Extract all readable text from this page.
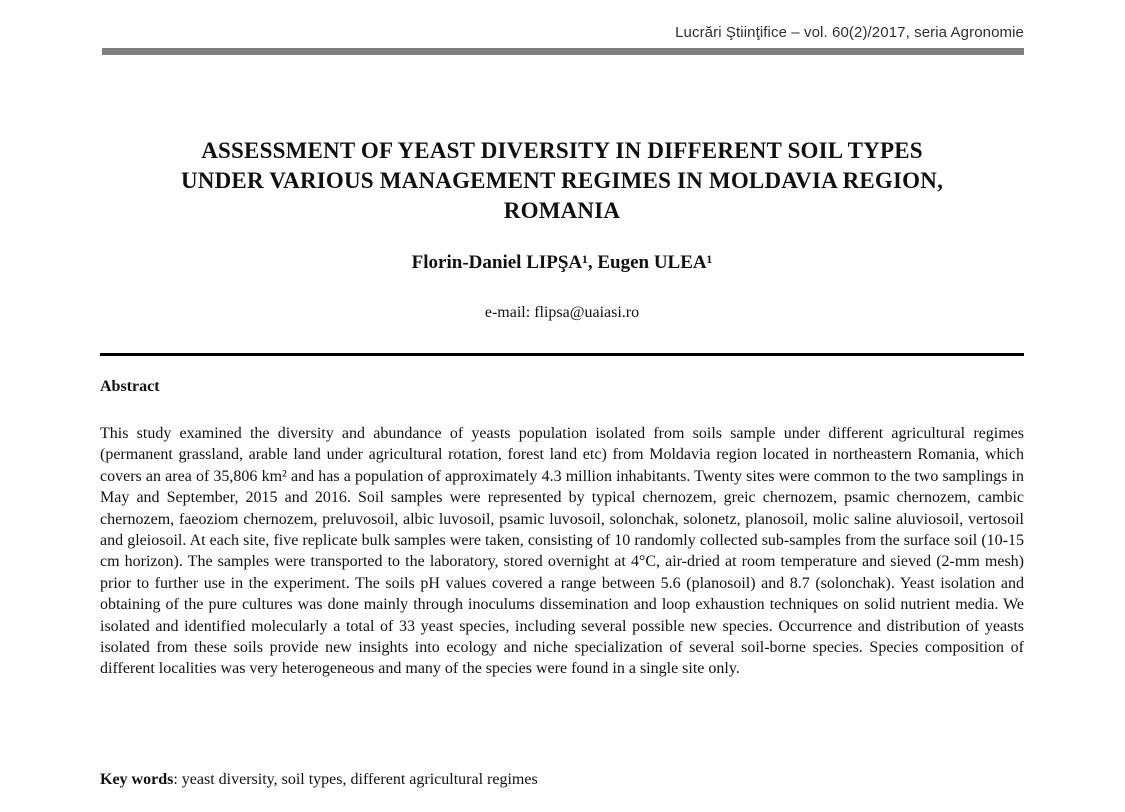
Lucrări Ştiinţifice – vol. 60(2)/2017, seria Agronomie
ASSESSMENT OF YEAST DIVERSITY IN DIFFERENT SOIL TYPES
UNDER VARIOUS MANAGEMENT REGIMES IN MOLDAVIA REGION,
ROMANIA
Florin-Daniel LIPŞA¹, Eugen ULEA¹
e-mail: flipsa@uaiasi.ro
Abstract
This study examined the diversity and abundance of yeasts population isolated from soils sample under different agricultural regimes (permanent grassland, arable land under agricultural rotation, forest land etc) from Moldavia region located in northeastern Romania, which covers an area of 35,806 km² and has a population of approximately 4.3 million inhabitants. Twenty sites were common to the two samplings in May and September, 2015 and 2016. Soil samples were represented by typical chernozem, greic chernozem, psamic chernozem, cambic chernozem, faeoziom chernozem, preluvosoil, albic luvosoil, psamic luvosoil, solonchak, solonetz, planosoil, molic saline aluviosoil, vertosoil and gleiosoil. At each site, five replicate bulk samples were taken, consisting of 10 randomly collected sub-samples from the surface soil (10-15 cm horizon). The samples were transported to the laboratory, stored overnight at 4°C, air-dried at room temperature and sieved (2-mm mesh) prior to further use in the experiment. The soils pH values covered a range between 5.6 (planosoil) and 8.7 (solonchak). Yeast isolation and obtaining of the pure cultures was done mainly through inoculums dissemination and loop exhaustion techniques on solid nutrient media. We isolated and identified molecularly a total of 33 yeast species, including several possible new species. Occurrence and distribution of yeasts isolated from these soils provide new insights into ecology and niche specialization of several soil-borne species. Species composition of different localities was very heterogeneous and many of the species were found in a single site only.
Key words: yeast diversity, soil types, different agricultural regimes
